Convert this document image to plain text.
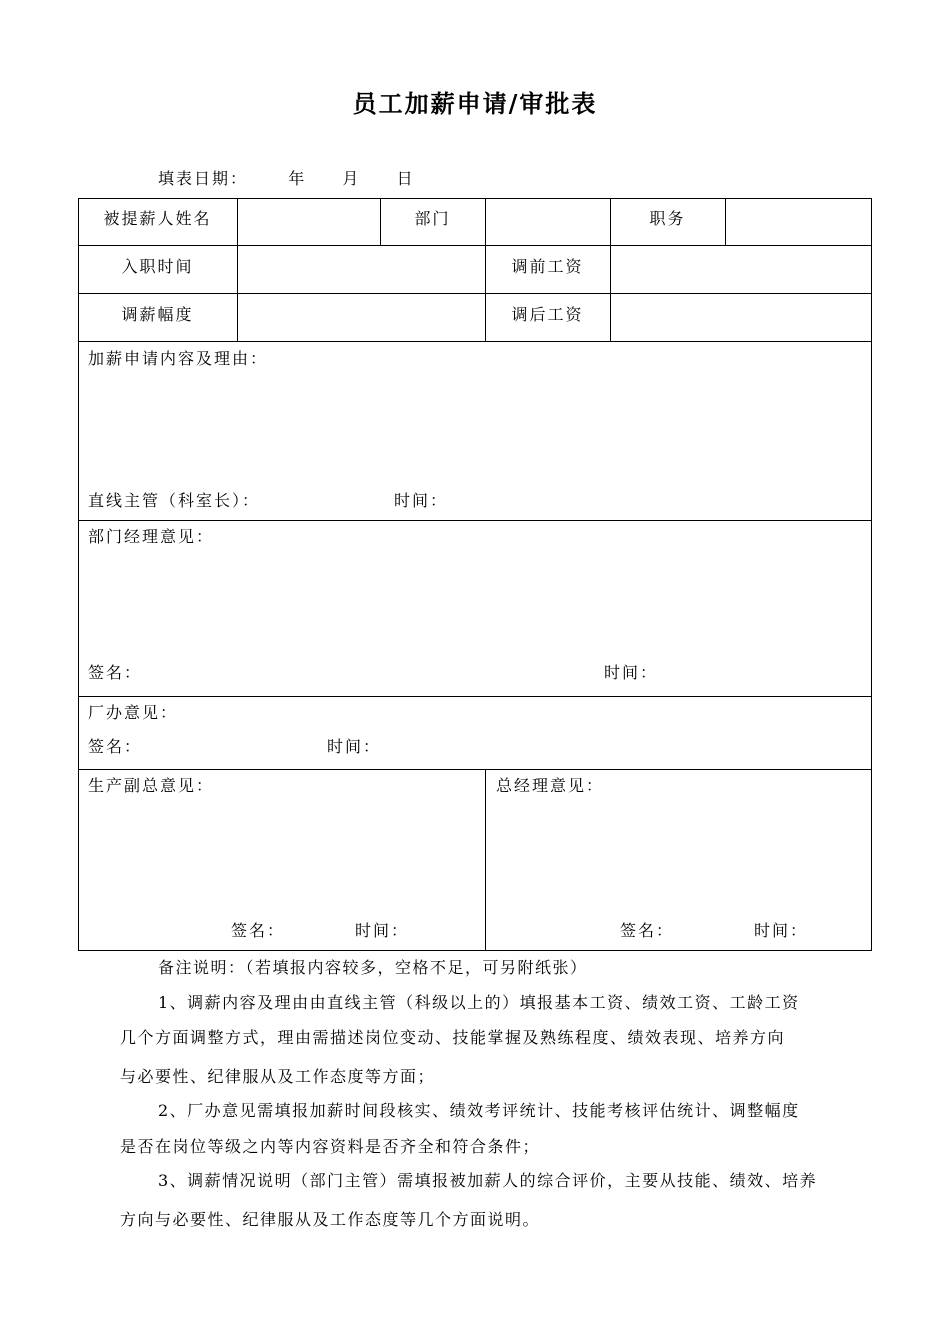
员工加薪申请/审批表
填表日期：	年 月 日
被提薪人姓名	部门	职务
入职时间	调前工资
调薪幅度	调后工资
加薪申请内容及理由：
直线主管（科室长）：	时间：
部门经理意见：
签名：	时间：
厂办意见：
签名：	时间：
生产副总意见：
签名：	时间：
总经理意见：
签名：	时间：
备注说明：（若填报内容较多，空格不足，可另附纸张）
1、调薪内容及理由由直线主管（科级以上的）填报基本工资、绩效工资、工龄工资
几个方面调整方式，理由需描述岗位变动、技能掌握及熟练程度、绩效表现、培养方向
与必要性、纪律服从及工作态度等方面；
2、厂办意见需填报加薪时间段核实、绩效考评统计、技能考核评估统计、调整幅度
是否在岗位等级之内等内容资料是否齐全和符合条件；
3、调薪情况说明（部门主管）需填报被加薪人的综合评价，主要从技能、绩效、培养
方向与必要性、纪律服从及工作态度等几个方面说明。
